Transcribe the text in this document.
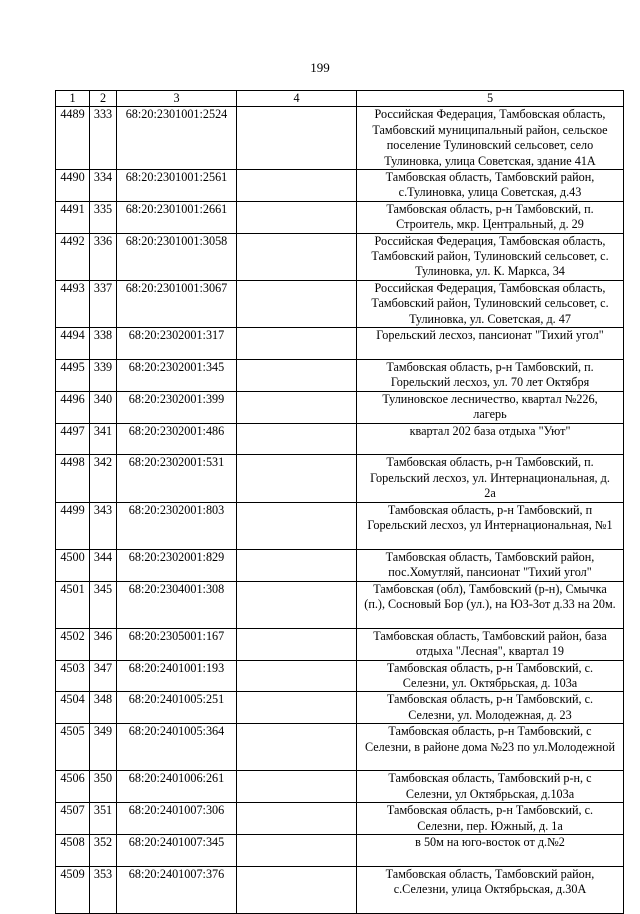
199
1	2	3	4	5
4489	333	68:20:2301001:2524		Российская Федерация, Тамбовская область,
Тамбовский муниципальный район, сельское
поселение Тулиновский сельсовет, село
Тулиновка, улица Советская, здание 41А

4490	334	68:20:2301001:2561		Тамбовская область, Тамбовский район,
с.Тулиновка, улица Советская, д.43

4491	335	68:20:2301001:2661		Тамбовская область, р-н Тамбовский, п.
Строитель, мкр. Центральный, д. 29

4492	336	68:20:2301001:3058		Российская Федерация, Тамбовская область,
Тамбовский район, Тулиновский сельсовет, с.
Тулиновка, ул. К. Маркса, 34

4493	337	68:20:2301001:3067		Российская Федерация, Тамбовская область,
Тамбовский район, Тулиновский сельсовет, с.
Тулиновка, ул. Советская, д. 47

4494	338	68:20:2302001:317		Горельский лесхоз, пансионат "Тихий угол"

4495	339	68:20:2302001:345		Тамбовская область, р-н Тамбовский, п.
Горельский лесхоз, ул. 70 лет Октября

4496	340	68:20:2302001:399		Тулиновское лесничество, квартал №226,
лагерь

4497	341	68:20:2302001:486		квартал 202 база отдыха "Уют"

4498	342	68:20:2302001:531		Тамбовская область, р-н Тамбовский, п.
Горельский лесхоз, ул. Интернациональная, д.
2а

4499	343	68:20:2302001:803		Тамбовская область, р-н Тамбовский, п
Горельский лесхоз, ул Интернациональная, №1

4500	344	68:20:2302001:829		Тамбовская область, Тамбовский район,
пос.Хомутляй, пансионат "Тихий угол"

4501	345	68:20:2304001:308		Тамбовская (обл), Тамбовский (р-н), Смычка
(п.), Сосновый Бор (ул.), на ЮЗ-Зот д.33 на 20м.

4502	346	68:20:2305001:167		Тамбовская область, Тамбовский район, база
отдыха "Лесная", квартал 19

4503	347	68:20:2401001:193		Тамбовская область, р-н Тамбовский, с.
Селезни, ул. Октябрьская, д. 103а

4504	348	68:20:2401005:251		Тамбовская область, р-н Тамбовский, с.
Селезни, ул. Молодежная, д. 23

4505	349	68:20:2401005:364		Тамбовская область, р-н Тамбовский, с
Селезни, в районе дома №23 по ул.Молодежной

4506	350	68:20:2401006:261		Тамбовская область, Тамбовский р-н, с
Селезни, ул Октябрьская, д.103а

4507	351	68:20:2401007:306		Тамбовская область, р-н Тамбовский, с.
Селезни, пер. Южный, д. 1а

4508	352	68:20:2401007:345		в 50м на юго-восток от д.№2

4509	353	68:20:2401007:376		Тамбовская область, Тамбовский район,
с.Селезни, улица Октябрьская, д.30А
